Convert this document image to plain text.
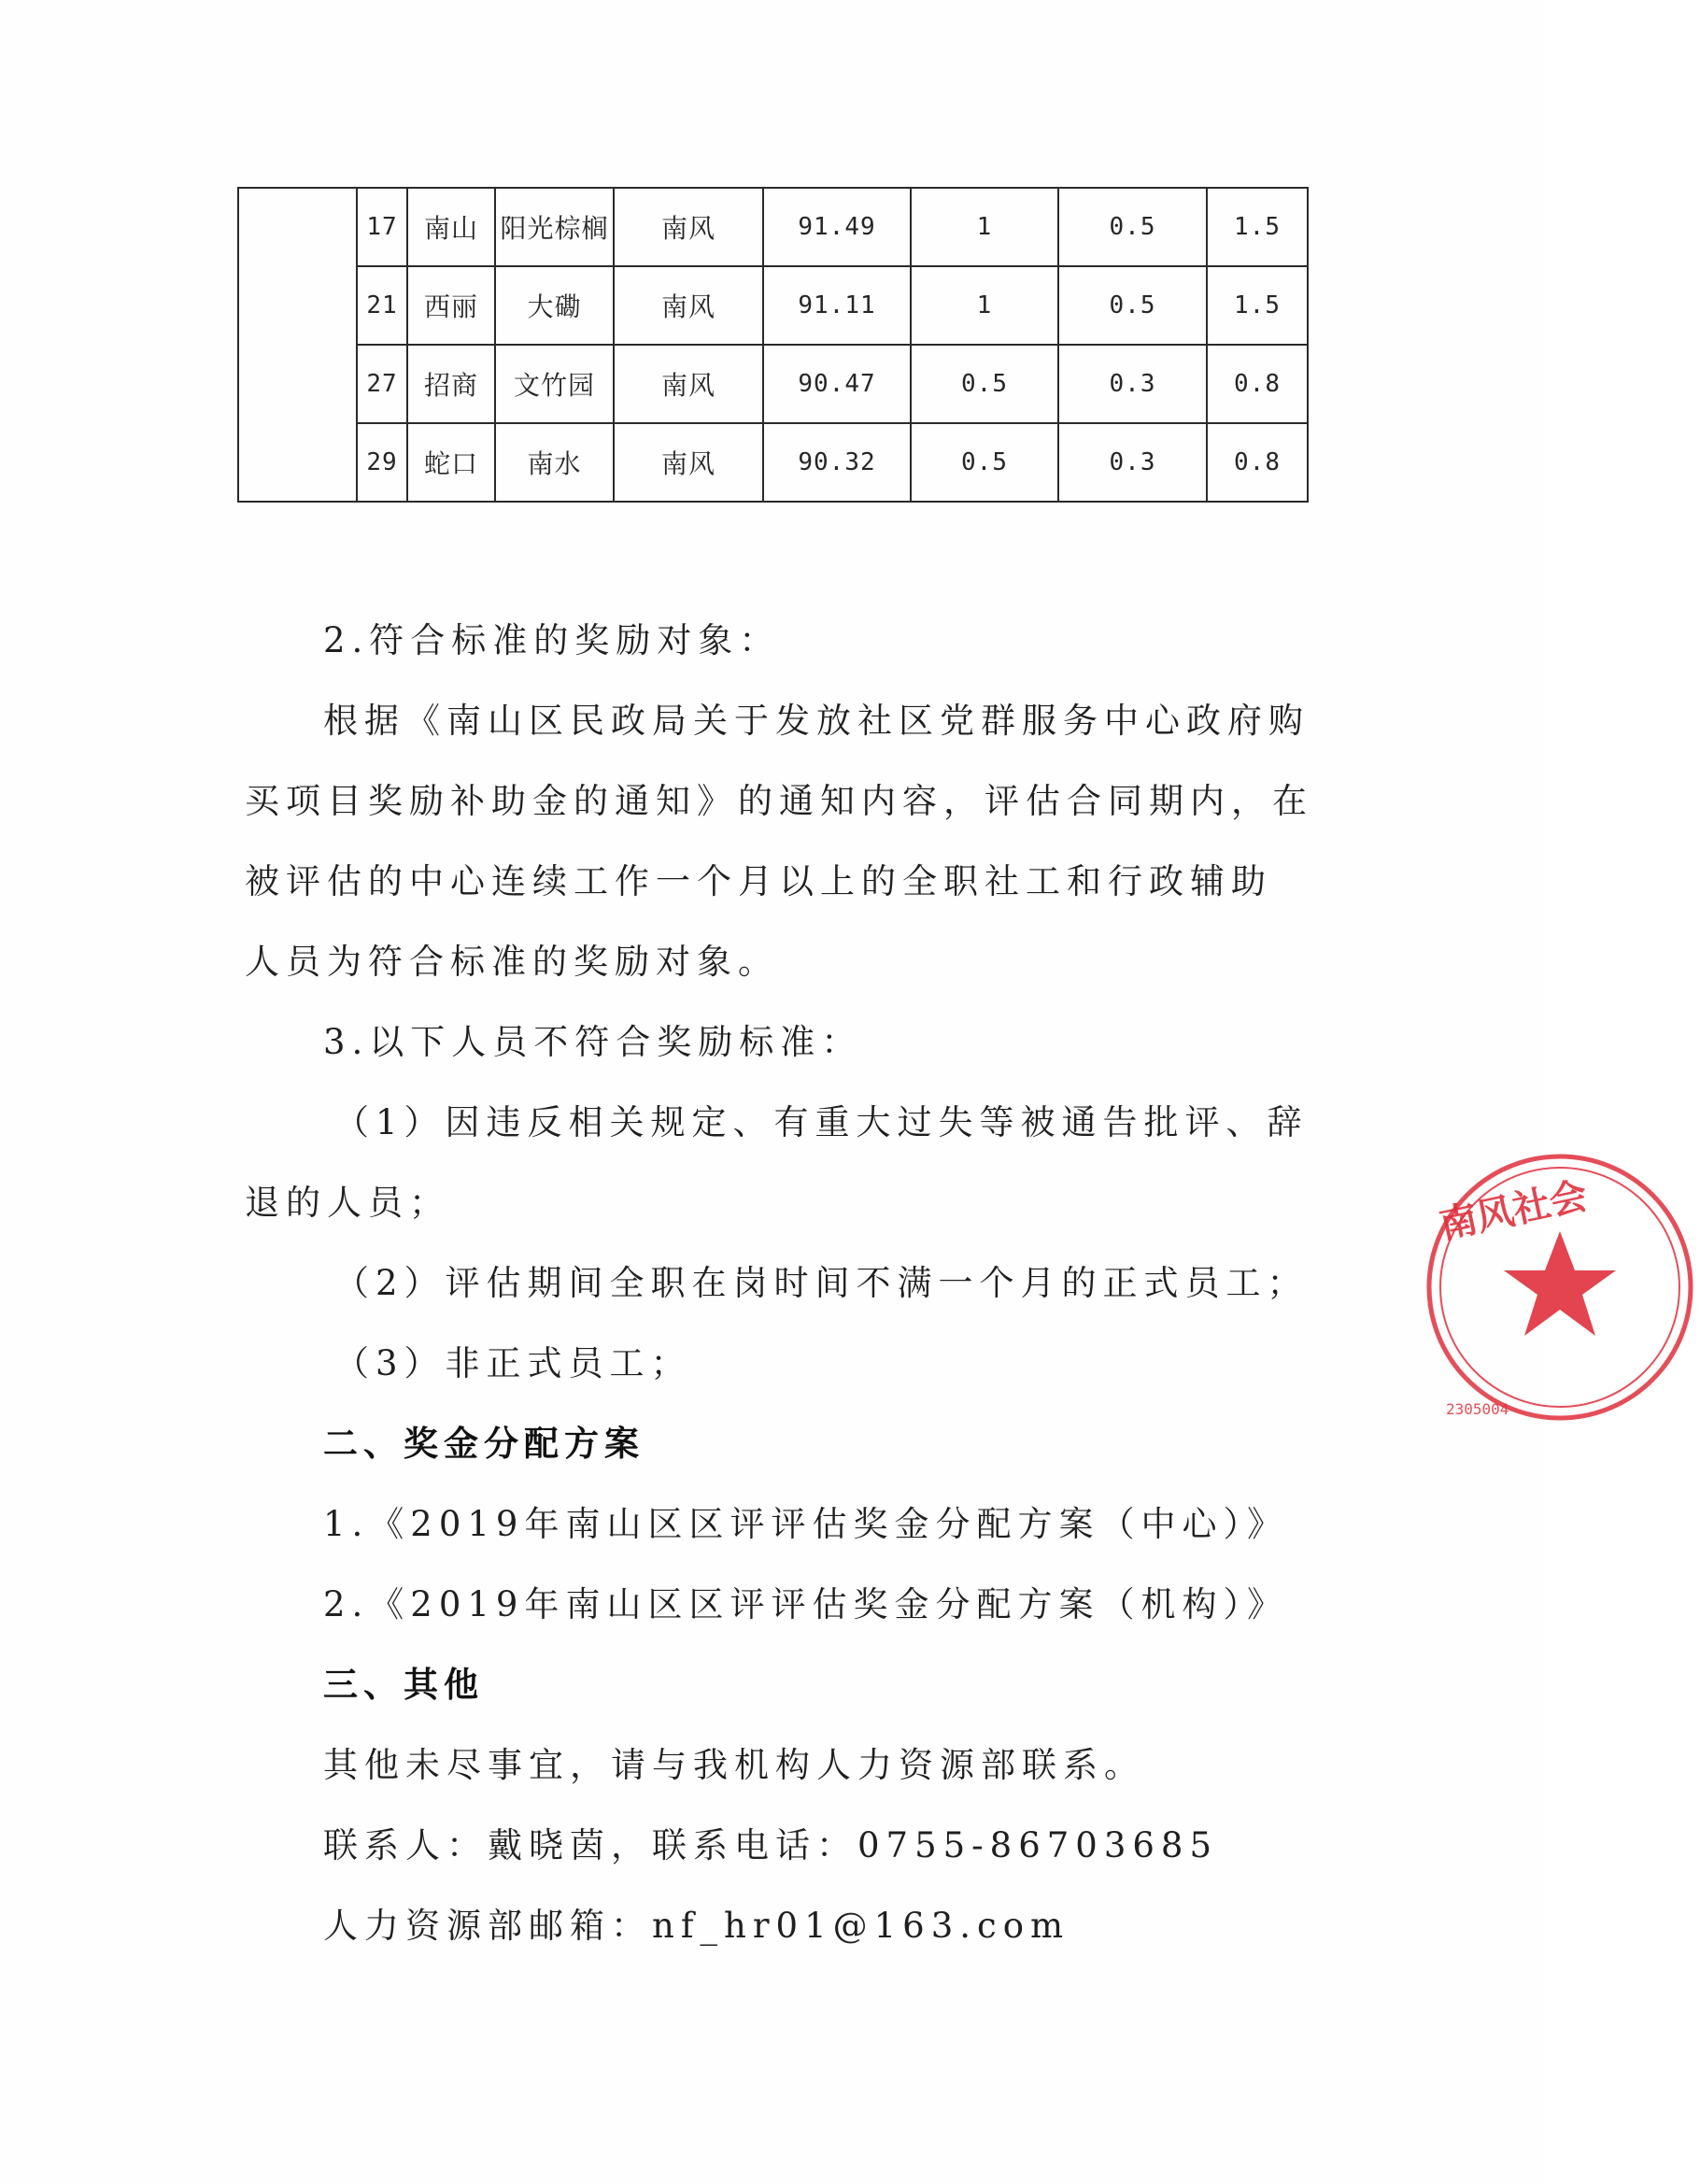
	17	南山	阳光棕榈	南风	91.49	1	0.5	1.5
	21	西丽	大磡	南风	91.11	1	0.5	1.5
	27	招商	文竹园	南风	90.47	0.5	0.3	0.8
	29	蛇口	南水	南风	90.32	0.5	0.3	0.8

2.符合标准的奖励对象：

根据《南山区民政局关于发放社区党群服务中心政府购

买项目奖励补助金的通知》的通知内容，评估合同期内，在

被评估的中心连续工作一个月以上的全职社工和行政辅助

人员为符合标准的奖励对象。

3.以下人员不符合奖励标准：

（1）因违反相关规定、有重大过失等被通告批评、辞

退的人员；

（2）评估期间全职在岗时间不满一个月的正式员工；

（3）非正式员工；

二、奖金分配方案

1.《2019年南山区区评评估奖金分配方案（中心）》

2.《2019年南山区区评评估奖金分配方案（机构）》

三、其他

其他未尽事宜，请与我机构人力资源部联系。

联系人：戴晓茵，联系电话：0755-86703685

人力资源部邮箱：nf_hr01@163.com

南风社会
2305004
